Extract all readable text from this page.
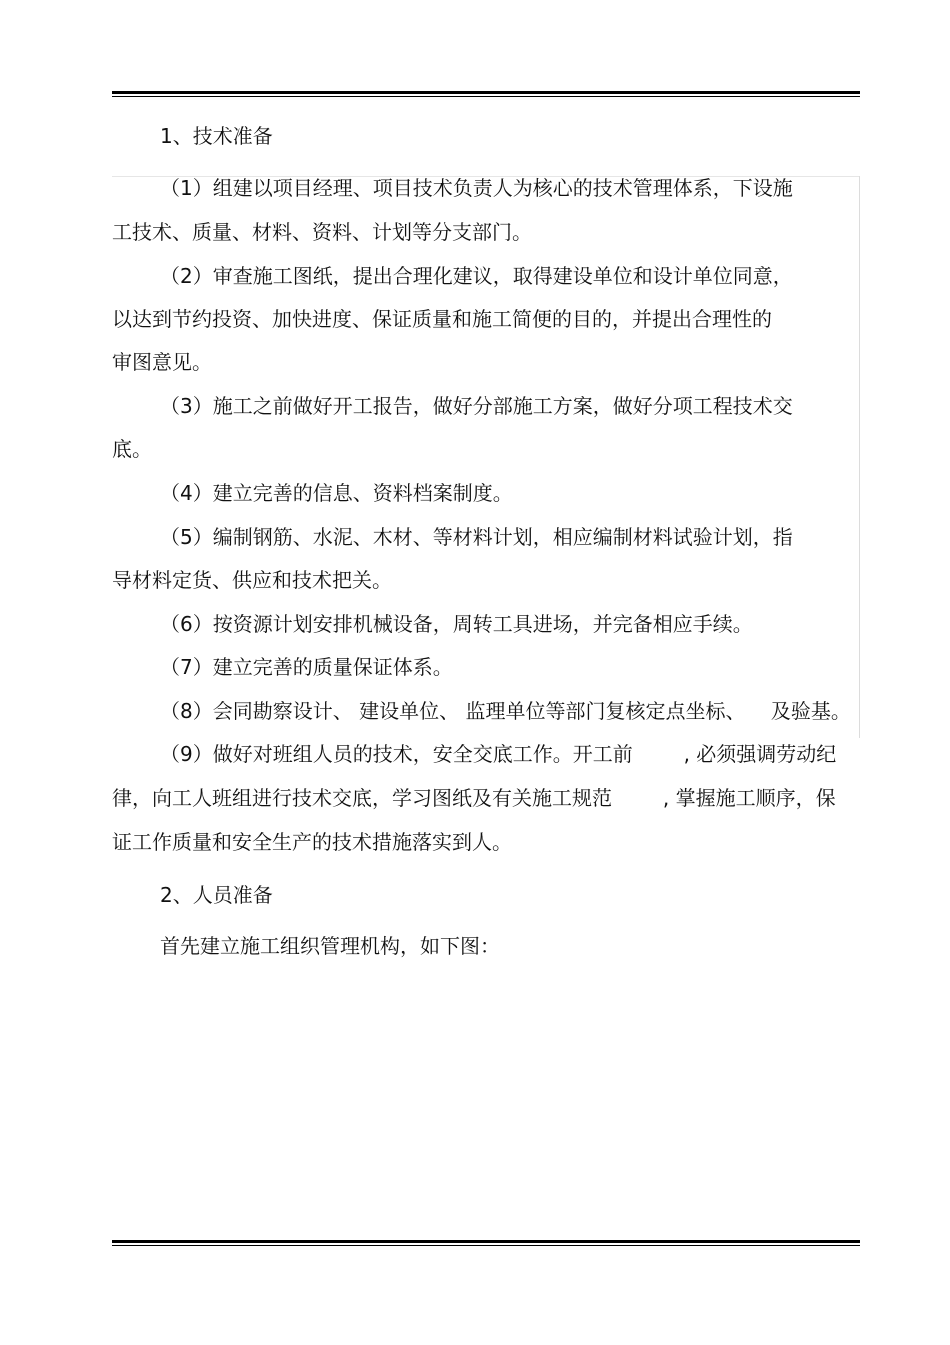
1、技术准备
（1）组建以项目经理、项目技术负责人为核心的技术管理体系，下设施
工技术、质量、材料、资料、计划等分支部门。
（2）审查施工图纸，提出合理化建议，取得建设单位和设计单位同意，
以达到节约投资、加快进度、保证质量和施工简便的目的，并提出合理性的
审图意见。
（3）施工之前做好开工报告，做好分部施工方案，做好分项工程技术交
底。
（4）建立完善的信息、资料档案制度。
（5）编制钢筋、水泥、木材、等材料计划，相应编制材料试验计划，指
导材料定货、供应和技术把关。
（6）按资源计划安排机械设备，周转工具进场，并完备相应手续。
（7）建立完善的质量保证体系。
（8）会同勘察设计、 建设单位、 监理单位等部门复核定点坐标、    及验基。
（9）做好对班组人员的技术，安全交底工作。开工前        , 必须强调劳动纪
律，向工人班组进行技术交底，学习图纸及有关施工规范        , 掌握施工顺序，保
证工作质量和安全生产的技术措施落实到人。
2、人员准备
首先建立施工组织管理机构，如下图：
